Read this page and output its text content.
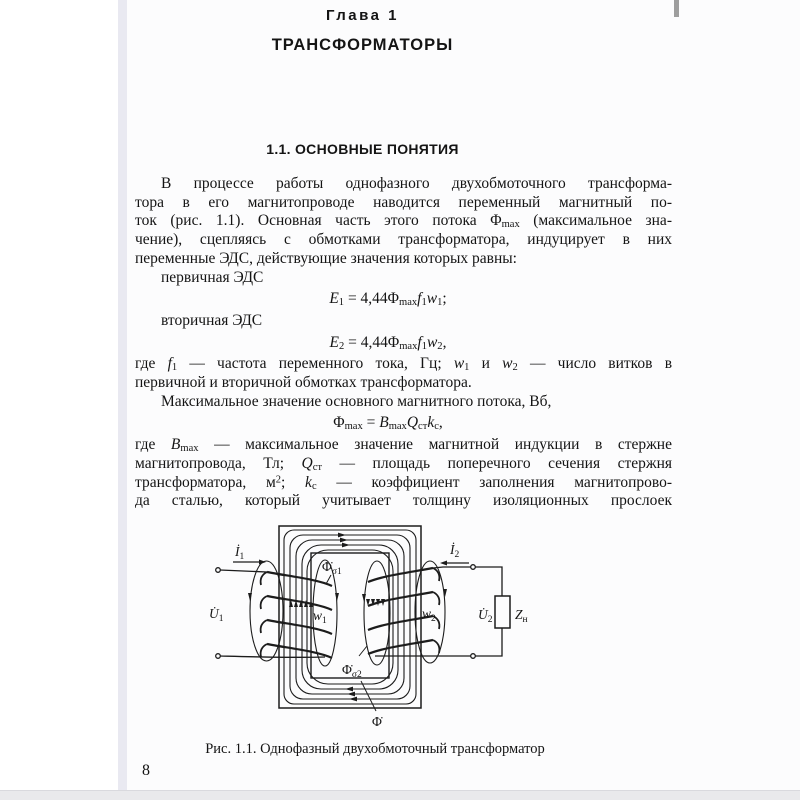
Глава 1
ТРАНСФОРМАТОРЫ
1.1. ОСНОВНЫЕ ПОНЯТИЯ
В процессе работы однофазного двухобмоточного трансформа-
тора в его магнитопроводе наводится переменный магнитный по-
ток (рис. 1.1). Основная часть этого потока $\Phi_{max}$ (максимальное зна-
чение), сцепляясь с обмотками трансформатора, индуцирует в них
переменные ЭДС, действующие значения которых равны:
первичная ЭДС
$E_1 = 4,44\Phi_{max}f_1w_1$;
вторичная ЭДС
$E_2 = 4,44\Phi_{max}f_1w_2$,
где $f_1$ — частота переменного тока, Гц; $w_1$ и $w_2$ — число витков в
первичной и вторичной обмотках трансформатора.
Максимальное значение основного магнитного потока, Вб,
$\Phi_{max} = B_{max}Q_{ст}k_с$,
где $B_{max}$ — максимальное значение магнитной индукции в стержне
магнитопровода, Тл; $Q_{ст}$ — площадь поперечного сечения стержня
трансформатора, $м^2$; $k_с$ — коэффициент заполнения магнитопрово-
да сталью, который учитывает толщину изоляционных прослоек
$İ_1$	$İ_2$
$U̇_1$	$U̇_2$ $Z_н$
$w_1$	$w_2$
$\Phi̇_{\sigma 1}$
$\Phi̇_{\sigma 2}$
Φ̇
Рис. 1.1. Однофазный двухобмоточный трансформатор
8
